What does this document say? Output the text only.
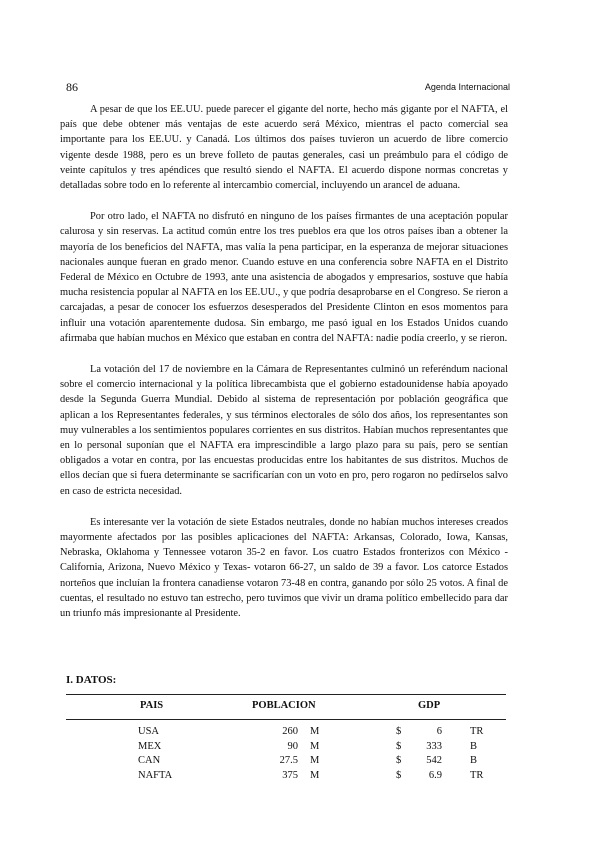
86	Agenda Internacional

A pesar de que los EE.UU. puede parecer el gigante del norte, hecho más gigante por el NAFTA, el país que debe obtener más ventajas de este acuerdo será México, mientras el pacto comercial sea importante para los EE.UU. y Canadá. Los últimos dos países tuvieron un acuerdo de libre comercio vigente desde 1988, pero es un breve folleto de pautas generales, casi un preámbulo para el código de veinte capítulos y tres apéndices que resultó siendo el NAFTA. El acuerdo dispone normas concretas y detalladas sobre todo en lo referente al intercambio comercial, incluyendo un arancel de aduana.

Por otro lado, el NAFTA no disfrutó en ninguno de los países firmantes de una aceptación popular calurosa y sin reservas. La actitud común entre los tres pueblos era que los otros países iban a obtener la mayoría de los beneficios del NAFTA, mas valía la pena participar, en la esperanza de mejorar situaciones nacionales aunque fueran en grado menor. Cuando estuve en una conferencia sobre NAFTA en el Distrito Federal de México en Octubre de 1993, ante una asistencia de abogados y empresarios, sostuve que había mucha resistencia popular al NAFTA en los EE.UU., y que podría desaprobarse en el Congreso. Se rieron a carcajadas, a pesar de conocer los esfuerzos desesperados del Presidente Clinton en esos momentos para influir una votación aparentemente dudosa. Sin embargo, me pasó igual en los Estados Unidos cuando afirmaba que habían muchos en México que estaban en contra del NAFTA: nadie podía creerlo, y se rieron.

La votación del 17 de noviembre en la Cámara de Representantes culminó un referéndum nacional sobre el comercio internacional y la política librecambista que el gobierno estadounidense había apoyado desde la Segunda Guerra Mundial. Debido al sistema de representación por población geográfica que aplican a los Representantes federales, y sus términos electorales de sólo dos años, los representantes son muy vulnerables a los sentimientos populares corrientes en sus distritos. Habían muchos representantes que en lo personal suponían que el NAFTA era imprescindible a largo plazo para su país, pero se sentían obligados a votar en contra, por las encuestas producidas entre los habitantes de sus distritos. Muchos de ellos decían que si fuera determinante se sacrificarían con un voto en pro, pero rogaron no pedírselos salvo en caso de estricta necesidad.

Es interesante ver la votación de siete Estados neutrales, donde no habían muchos intereses creados mayormente afectados por las posibles aplicaciones del NAFTA: Arkansas, Colorado, Iowa, Kansas, Nebraska, Oklahoma y Tennessee votaron 35-2 en favor. Los cuatro Estados fronterizos con México -California, Arizona, Nuevo México y Texas- votaron 66-27, un saldo de 39 a favor. Los catorce Estados norteños que incluían la frontera canadiense votaron 73-48 en contra, ganando por sólo 25 votos. A final de cuentas, el resultado no estuvo tan estrecho, pero tuvimos que vivir un drama político embellecido para dar un triunfo más impresionante al Presidente.

I. DATOS:
PAIS	POBLACION	GDP
USA	260 M	$	6	TR
MEX	90 M	$	333	B
CAN	27.5 M	$	542	B
NAFTA	375 M	$	6.9	TR
